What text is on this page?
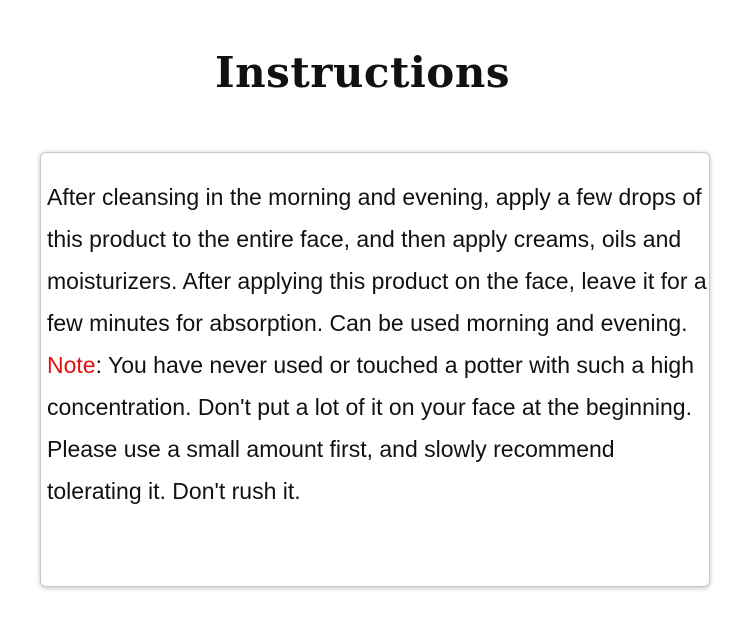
Instructions

After cleansing in the morning and evening, apply a few drops of this product to the entire face, and then apply creams, oils and moisturizers. After applying this product on the face, leave it for a few minutes for absorption. Can be used morning and evening.
Note: You have never used or touched a potter with such a high concentration. Don't put a lot of it on your face at the beginning. Please use a small amount first, and slowly recommend tolerating it. Don't rush it.
